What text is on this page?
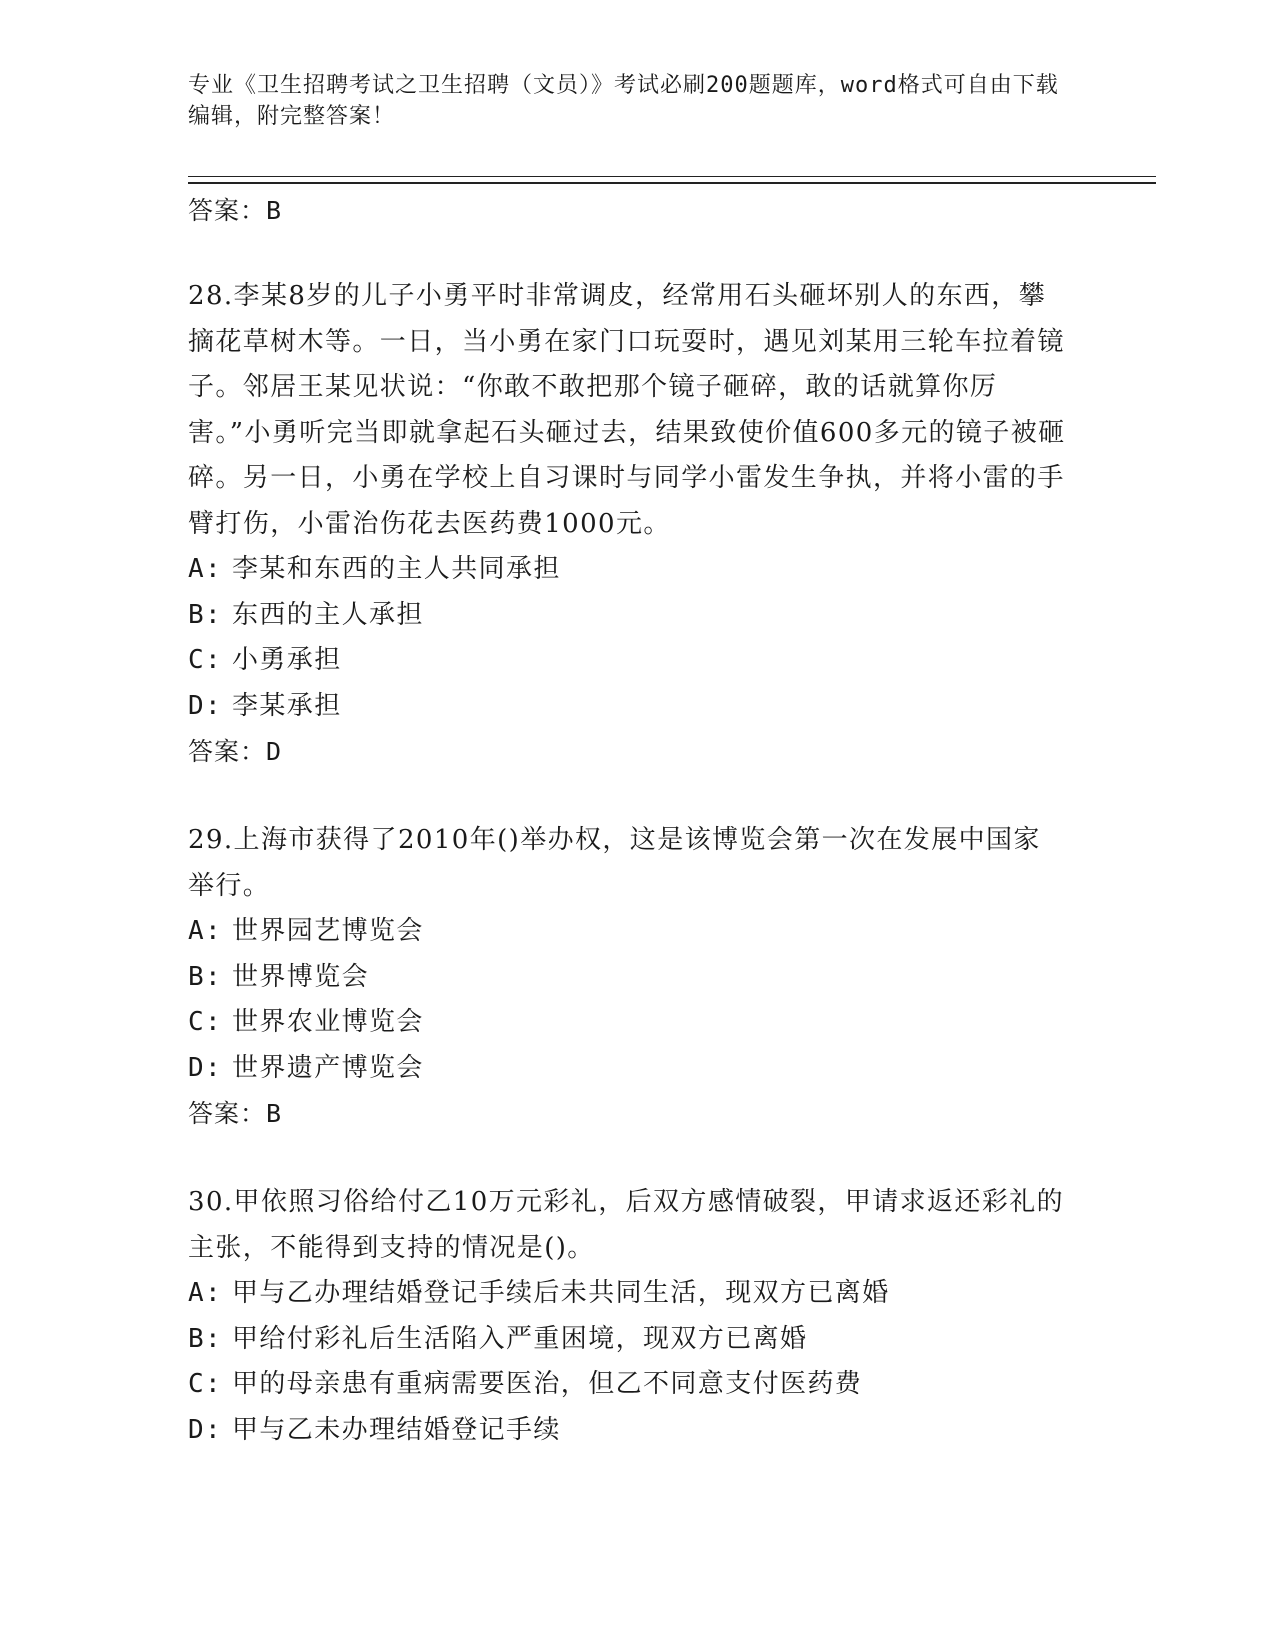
专业《卫生招聘考试之卫生招聘（文员）》考试必刷200题题库，word格式可自由下载编辑，附完整答案！
答案：B

28.李某8岁的儿子小勇平时非常调皮，经常用石头砸坏别人的东西，攀摘花草树木等。一日，当小勇在家门口玩耍时，遇见刘某用三轮车拉着镜子。邻居王某见状说：“你敢不敢把那个镜子砸碎，敢的话就算你厉害。”小勇听完当即就拿起石头砸过去，结果致使价值600多元的镜子被砸碎。另一日，小勇在学校上自习课时与同学小雷发生争执，并将小雷的手臂打伤，小雷治伤花去医药费1000元。

A: 李某和东西的主人共同承担
B: 东西的主人承担
C: 小勇承担
D: 李某承担
答案：D

29.上海市获得了2010年()举办权，这是该博览会第一次在发展中国家举行。

A: 世界园艺博览会
B: 世界博览会
C: 世界农业博览会
D: 世界遗产博览会
答案：B

30.甲依照习俗给付乙10万元彩礼，后双方感情破裂，甲请求返还彩礼的主张，不能得到支持的情况是()。

A: 甲与乙办理结婚登记手续后未共同生活，现双方已离婚
B: 甲给付彩礼后生活陷入严重困境，现双方已离婚
C: 甲的母亲患有重病需要医治，但乙不同意支付医药费
D: 甲与乙未办理结婚登记手续
